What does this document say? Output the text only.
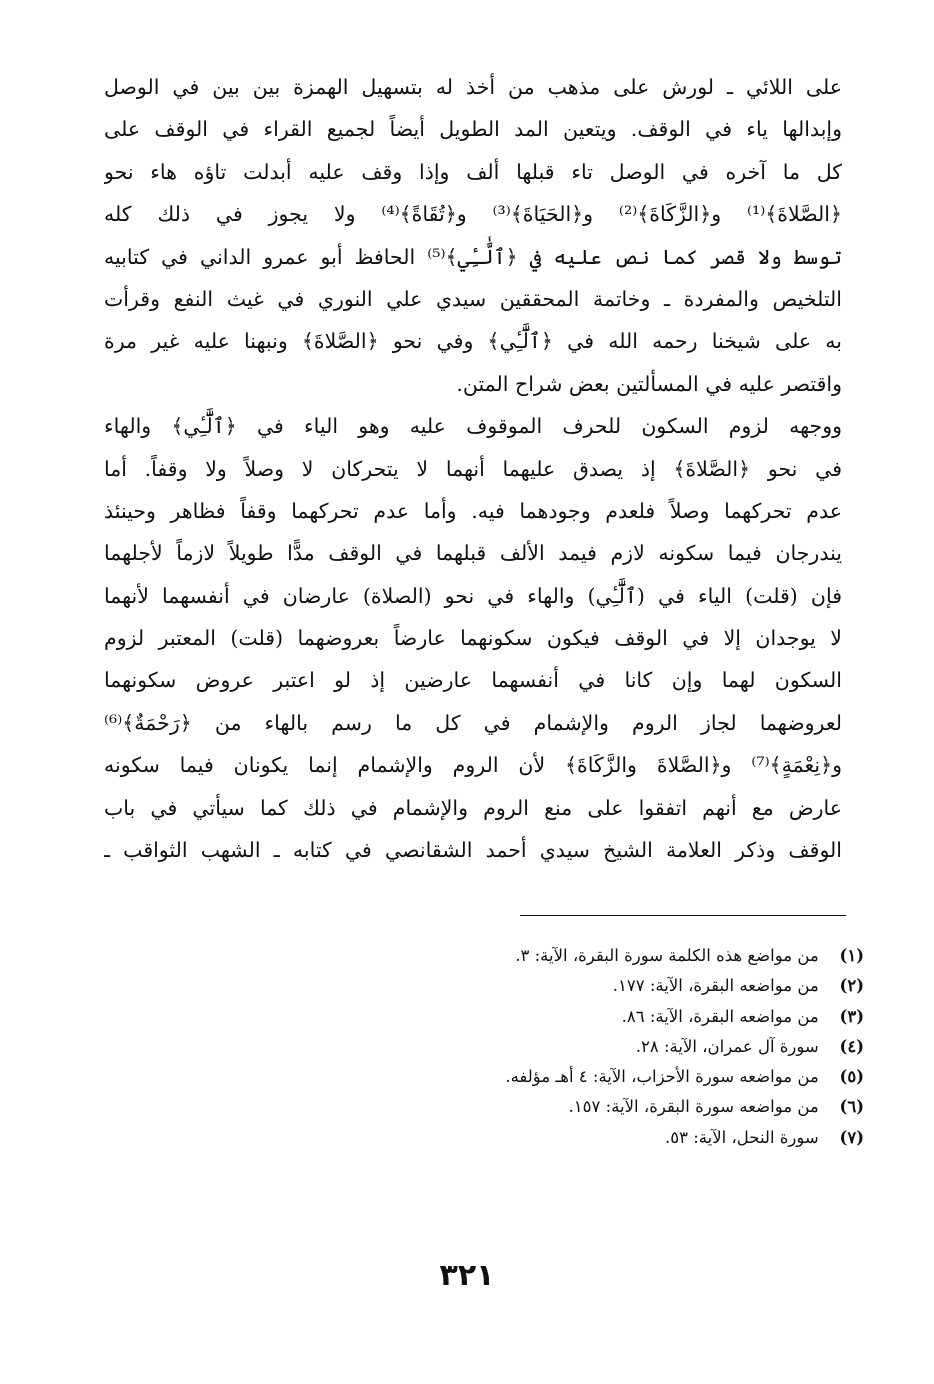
على اللائي ـ لورش على مذهب من أخذ له بتسهيل الهمزة بين بين في الوصل
وإبدالها ياء في الوقف. ويتعين المد الطويل أيضاً لجميع القراء في الوقف على
كل ما آخره في الوصل تاء قبلها ألف وإذا وقف عليه أبدلت تاؤه هاء نحو
﴿الصَّلاةَ﴾⁽¹⁾ و﴿الزَّكَاةَ﴾⁽²⁾ و﴿الحَيَاةَ﴾⁽³⁾ و﴿تُقَاةً﴾⁽⁴⁾ ولا يجوز في ذلك كله
توسط ولا قصر كما نص عليه في ﴿ٱلَّٰٓـِٔي﴾⁽⁵⁾ الحافظ أبو عمرو الداني في كتابيه
التلخيص والمفردة ـ وخاتمة المحققين سيدي علي النوري في غيث النفع وقرأت
به على شيخنا رحمه الله في ﴿ٱلَّٰٓـِٔي﴾ وفي نحو ﴿الصَّلاةَ﴾ ونبهنا عليه غير مرة
واقتصر عليه في المسألتين بعض شراح المتن.
ووجهه لزوم السكون للحرف الموقوف عليه وهو الياء في ﴿ٱلَّٰٓـِٔي﴾ والهاء
في نحو ﴿الصَّلاةَ﴾ إذ يصدق عليهما أنهما لا يتحركان لا وصلاً ولا وقفاً. أما
عدم تحركهما وصلاً فلعدم وجودهما فيه. وأما عدم تحركهما وقفاً فظاهر وحينئذ
يندرجان فيما سكونه لازم فيمد الألف قبلهما في الوقف مدًّا طويلاً لازماً لأجلهما
فإن (قلت) الياء في (ٱلَّٰٓـِٔي) والهاء في نحو (الصلاة) عارضان في أنفسهما لأنهما
لا يوجدان إلا في الوقف فيكون سكونهما عارضاً بعروضهما (قلت) المعتبر لزوم
السكون لهما وإن كانا في أنفسهما عارضين إذ لو اعتبر عروض سكونهما
لعروضهما لجاز الروم والإشمام في كل ما رسم بالهاء من ﴿رَحْمَةٌ﴾⁽⁶⁾
و﴿نِعْمَةٍ﴾⁽⁷⁾ و﴿الصَّلاةَ والزَّكَاةَ﴾ لأن الروم والإشمام إنما يكونان فيما سكونه
عارض مع أنهم اتفقوا على منع الروم والإشمام في ذلك كما سيأتي في باب
الوقف وذكر العلامة الشيخ سيدي أحمد الشقانصي في كتابه ـ الشهب الثواقب ـ
(١) من مواضع هذه الكلمة سورة البقرة، الآية: ٣.
(٢) من مواضعه البقرة، الآية: ١٧٧.
(٣) من مواضعه البقرة، الآية: ٨٦.
(٤) سورة آل عمران، الآية: ٢٨.
(٥) من مواضعه سورة الأحزاب، الآية: ٤ أهـ مؤلفه.
(٦) من مواضعه سورة البقرة، الآية: ١٥٧.
(٧) سورة النحل، الآية: ٥٣.
٣٢١
